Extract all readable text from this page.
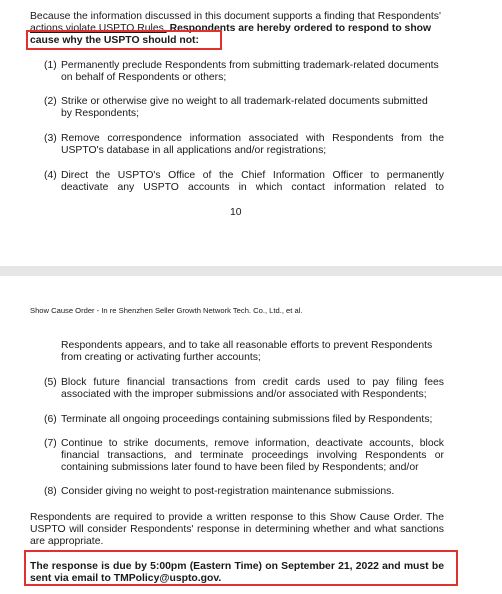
Because the information discussed in this document supports a finding that Respondents'
actions violate USPTO Rules, Respondents are hereby ordered to respond to show
cause why the USPTO should not:
(1) Permanently preclude Respondents from submitting trademark-related documents
on behalf of Respondents or others;
(2) Strike or otherwise give no weight to all trademark-related documents submitted
by Respondents;
(3) Remove correspondence information associated with Respondents from the
USPTO's database in all applications and/or registrations;
(4) Direct the USPTO's Office of the Chief Information Officer to permanently
deactivate any USPTO accounts in which contact information related to
10
Show Cause Order - In re Shenzhen Seller Growth Network Tech. Co., Ltd., et al.
Respondents appears, and to take all reasonable efforts to prevent Respondents
from creating or activating further accounts;
(5) Block future financial transactions from credit cards used to pay filing fees
associated with the improper submissions and/or associated with Respondents;
(6) Terminate all ongoing proceedings containing submissions filed by Respondents;
(7) Continue to strike documents, remove information, deactivate accounts, block
financial transactions, and terminate proceedings involving Respondents or
containing submissions later found to have been filed by Respondents; and/or
(8) Consider giving no weight to post-registration maintenance submissions.
Respondents are required to provide a written response to this Show Cause Order. The
USPTO will consider Respondents' response in determining whether and what sanctions
are appropriate.
The response is due by 5:00pm (Eastern Time) on September 21, 2022 and must be
sent via email to TMPolicy@uspto.gov.
